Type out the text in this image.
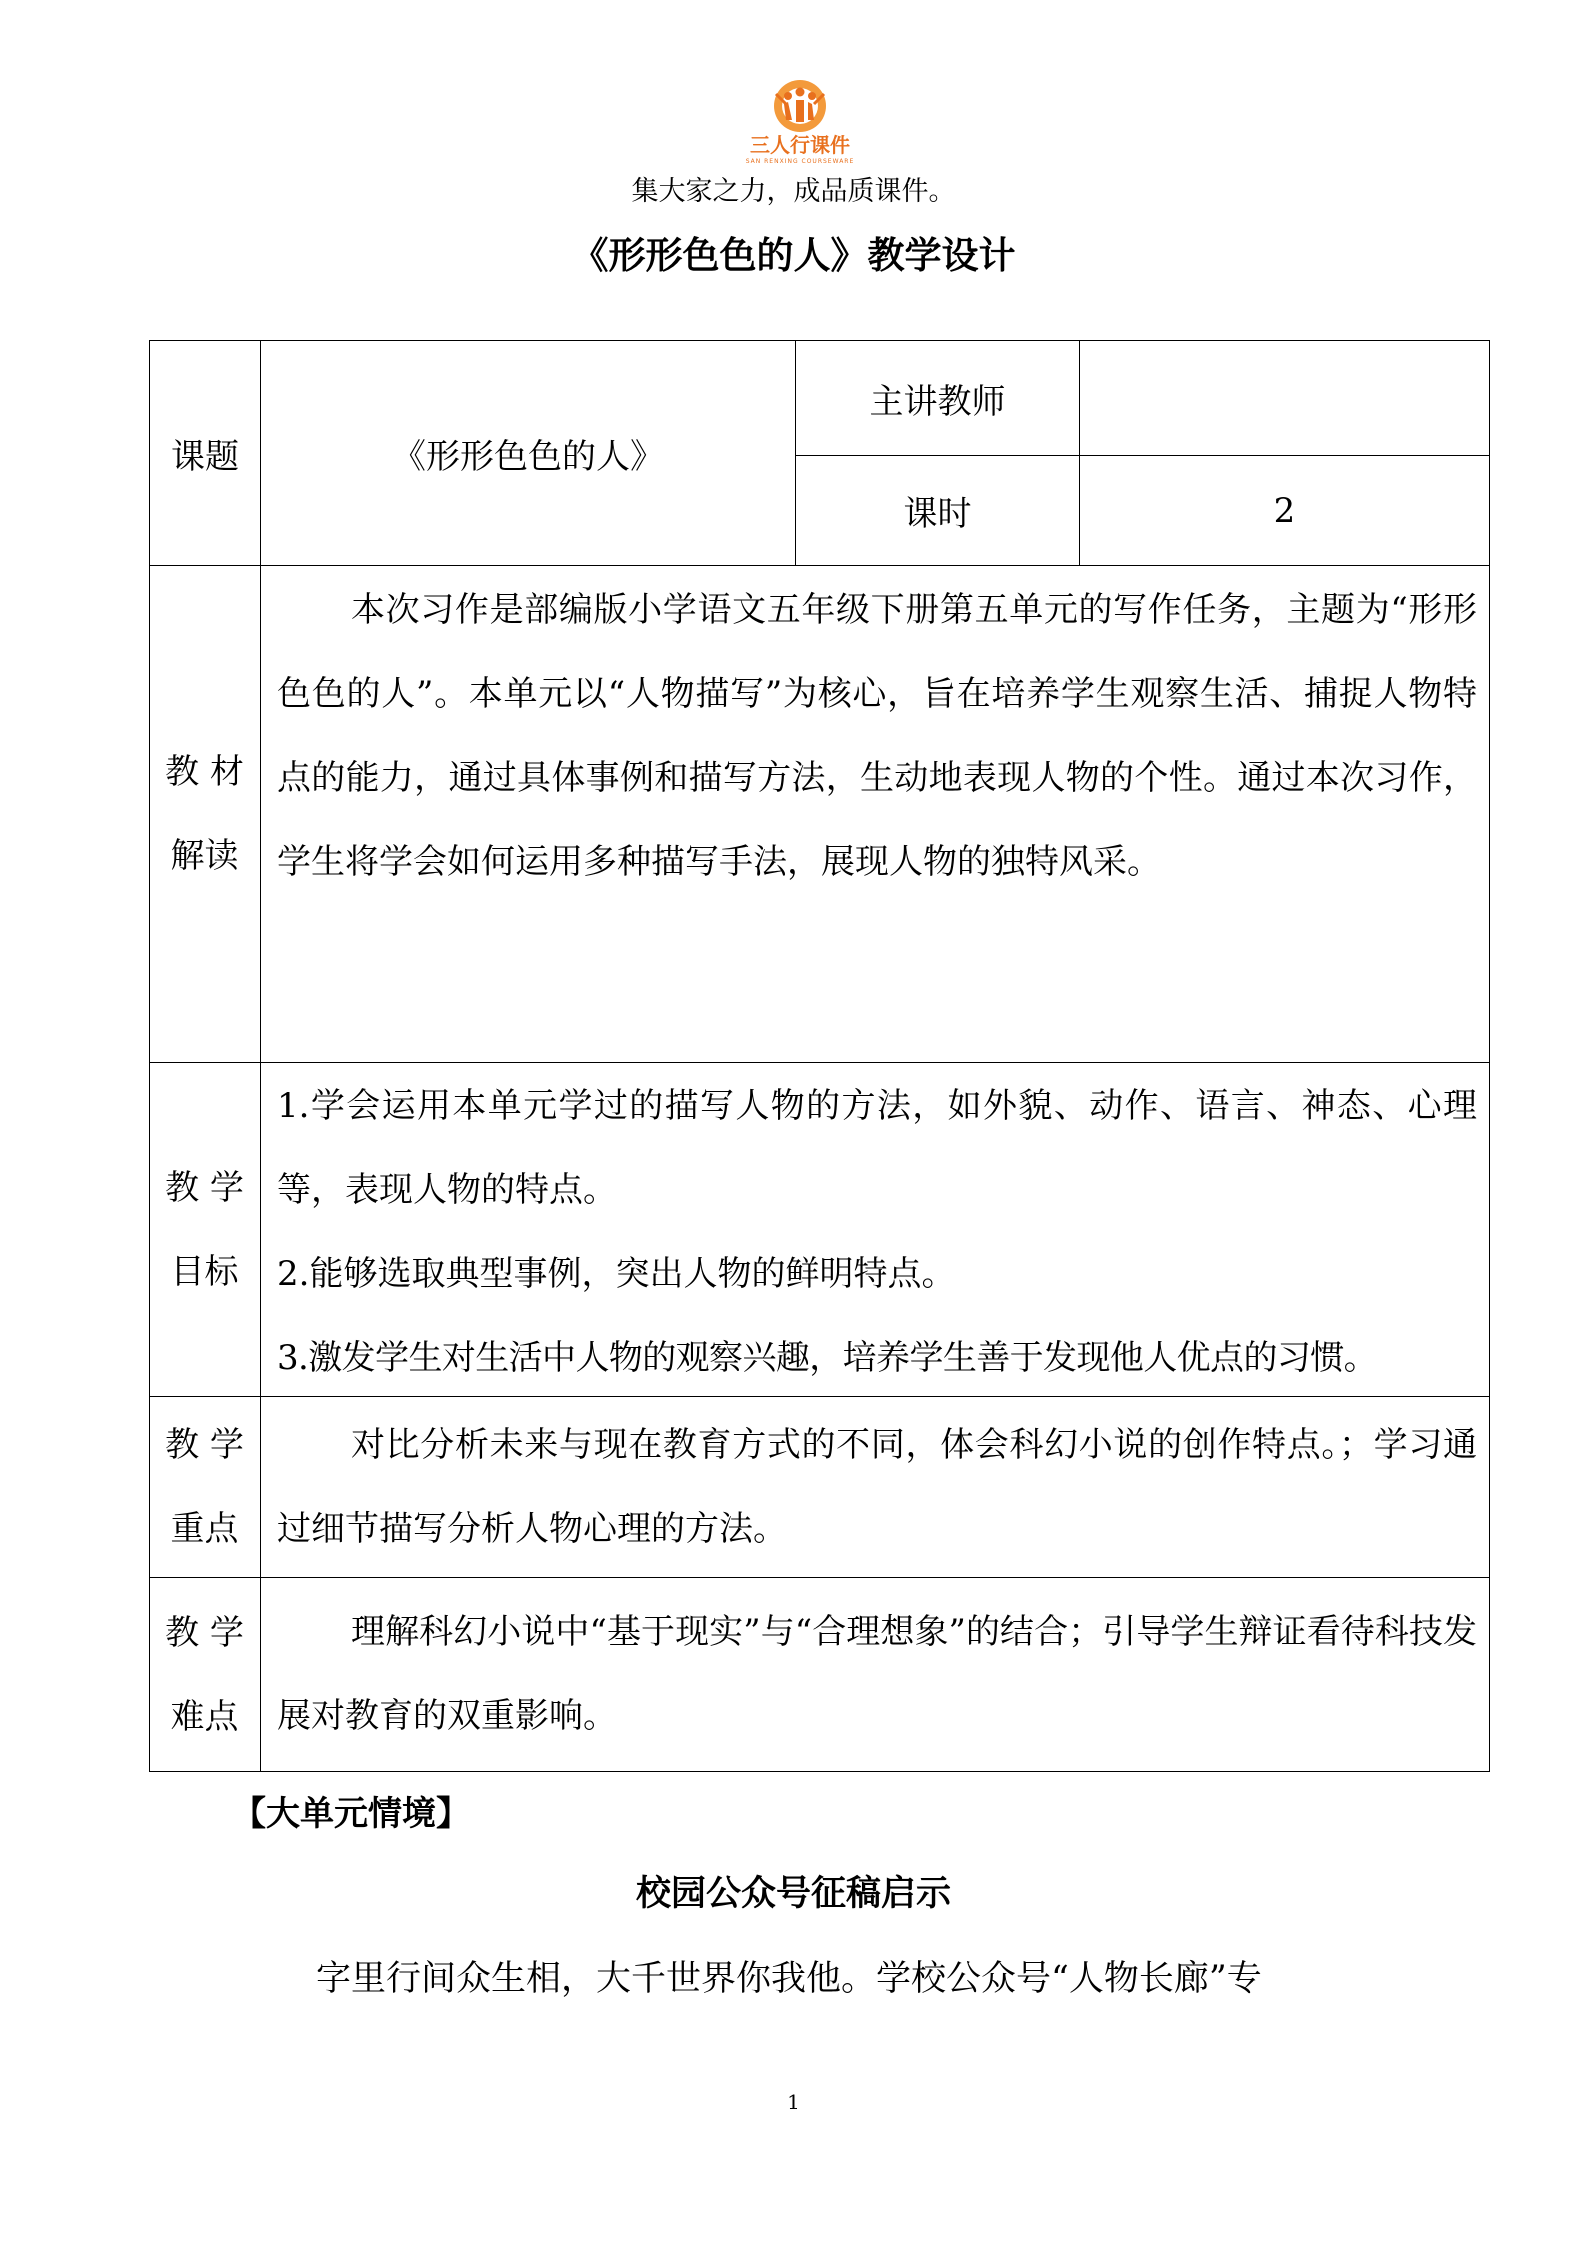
三人行课件
SAN RENXING COURSEWARE
集大家之力，成品质课件。
《形形色色的人》教学设计
课题	《形形色色的人》
主讲教师
课时	2
教 材
解读
本次习作是部编版小学语文五年级下册第五单元的写作任务，主题为“形形色色的人”。本单元以“人物描写”为核心，旨在培养学生观察生活、捕捉人物特点的能力，通过具体事例和描写方法，生动地表现人物的个性。通过本次习作，学生将学会如何运用多种描写手法，展现人物的独特风采。
教 学
目标
1.学会运用本单元学过的描写人物的方法，如外貌、动作、语言、神态、心理等，表现人物的特点。
2.能够选取典型事例，突出人物的鲜明特点。
3.激发学生对生活中人物的观察兴趣，培养学生善于发现他人优点的习惯。
教 学
重点
对比分析未来与现在教育方式的不同，体会科幻小说的创作特点。；学习通过细节描写分析人物心理的方法。
教 学
难点
理解科幻小说中“基于现实”与“合理想象”的结合；引导学生辩证看待科技发展对教育的双重影响。
【大单元情境】
校园公众号征稿启示
字里行间众生相，大千世界你我他。学校公众号“人物长廊”专
1
